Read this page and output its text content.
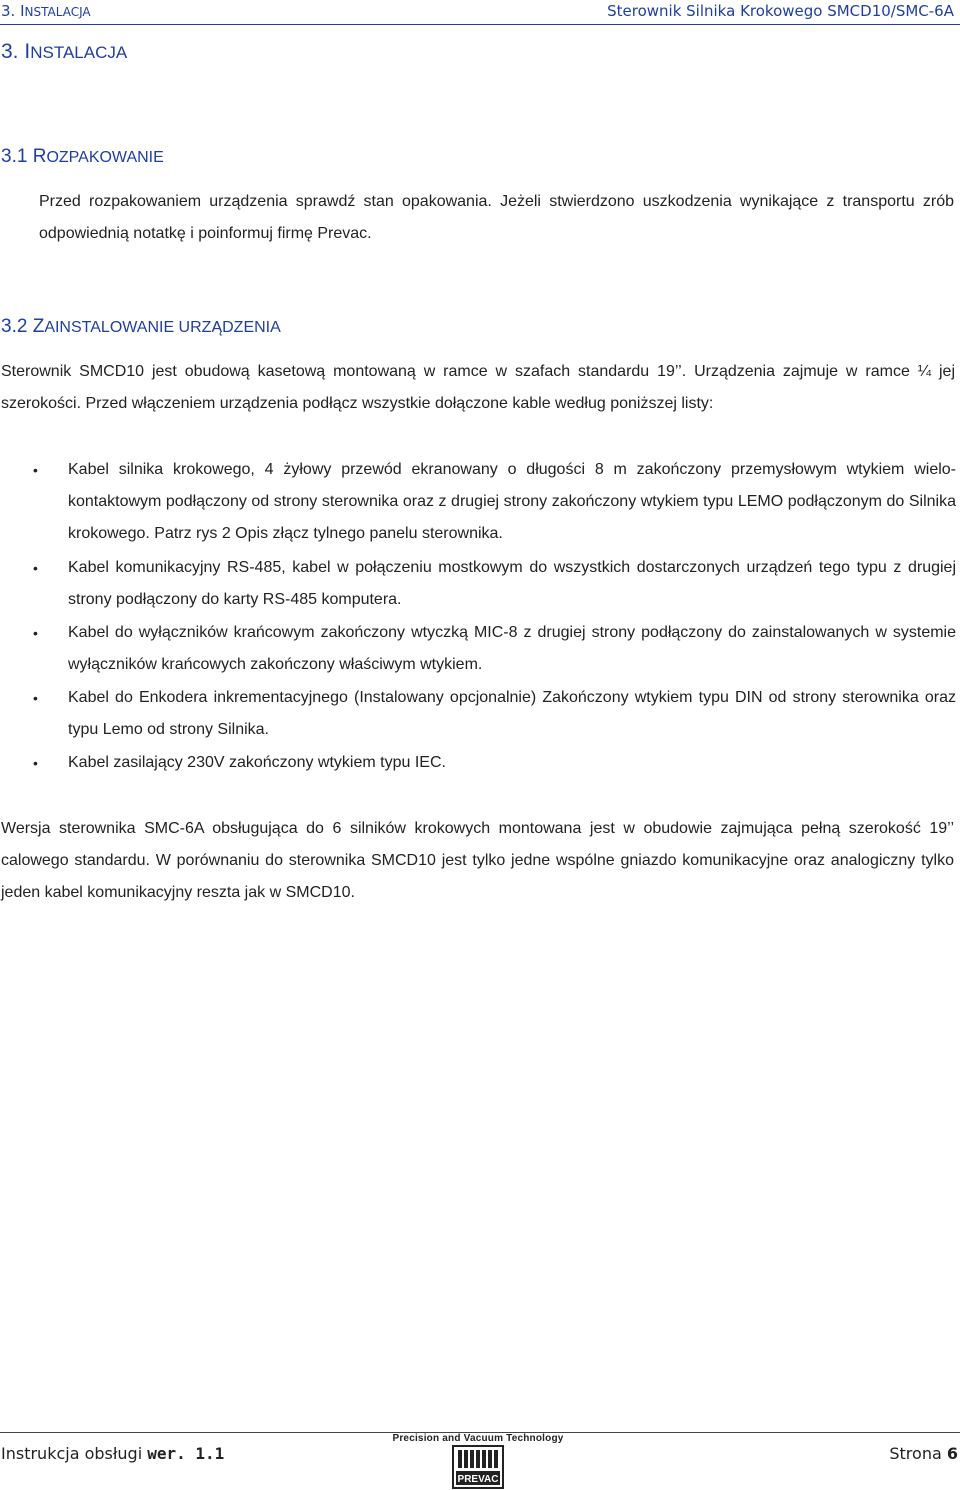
3. INSTALACJA	Sterownik Silnika Krokowego SMCD10/SMC-6A
3. INSTALACJA
3.1 ROZPAKOWANIE

Przed rozpakowaniem urządzenia sprawdź stan opakowania. Jeżeli stwierdzono uszkodzenia wynikające z transportu zrób odpowiednią notatkę i poinformuj firmę Prevac.

3.2 ZAINSTALOWANIE URZĄDZENIA

Sterownik SMCD10 jest obudową kasetową montowaną w ramce w szafach standardu 19’’. Urządzenia zajmuje w ramce ¼ jej szerokości. Przed włączeniem urządzenia podłącz wszystkie dołączone kable według poniższej listy:

• Kabel silnika krokowego, 4 żyłowy przewód ekranowany o długości 8 m zakończony przemysłowym wtykiem wielo-kontaktowym podłączony od strony sterownika oraz z drugiej strony zakończony wtykiem typu LEMO podłączonym do Silnika krokowego. Patrz rys 2 Opis złącz tylnego panelu sterownika.
• Kabel komunikacyjny RS-485, kabel w połączeniu mostkowym do wszystkich dostarczonych urządzeń tego typu z drugiej strony podłączony do karty RS-485 komputera.
• Kabel do wyłączników krańcowym zakończony wtyczką MIC-8 z drugiej strony podłączony do zainstalowanych w systemie wyłączników krańcowych zakończony właściwym wtykiem.
• Kabel do Enkodera inkrementacyjnego (Instalowany opcjonalnie) Zakończony wtykiem typu DIN od strony sterownika oraz typu Lemo od strony Silnika.
• Kabel zasilający 230V zakończony wtykiem typu IEC.

Wersja sterownika SMC-6A obsługująca do 6 silników krokowych montowana jest w obudowie zajmująca pełną szerokość 19’’ calowego standardu. W porównaniu do sterownika SMCD10 jest tylko jedne wspólne gniazdo komunikacyjne oraz analogiczny tylko jeden kabel komunikacyjny reszta jak w SMCD10.

Instrukcja obsługi wer. 1.1
Precision and Vacuum Technology
PREVAC
Strona 6
